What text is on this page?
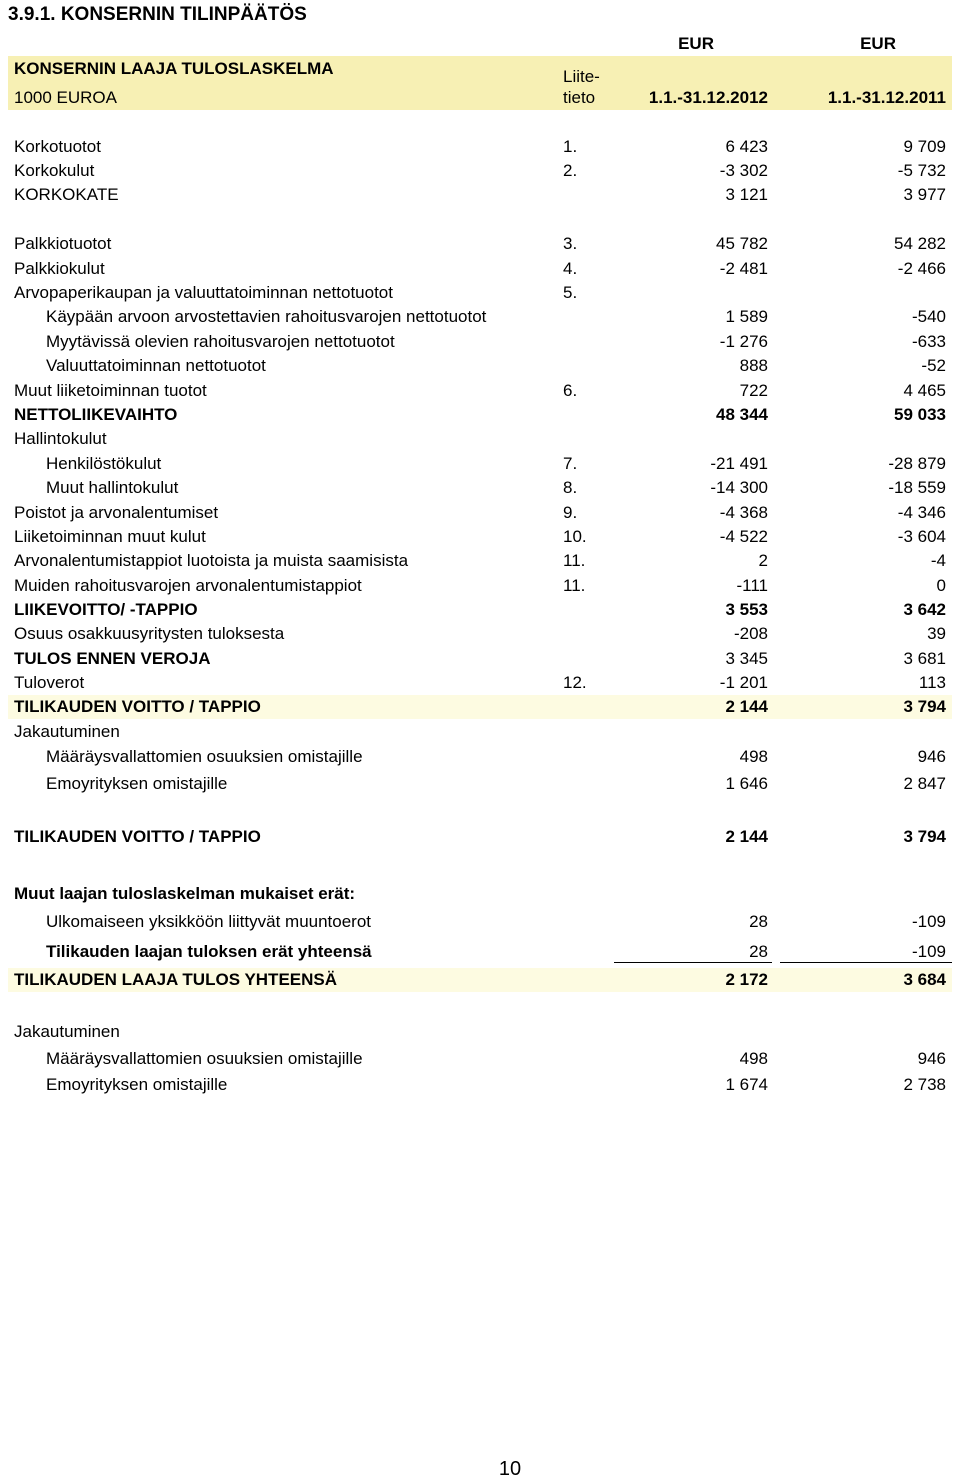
3.9.1. KONSERNIN TILINPÄÄTÖS
EUR	EUR
KONSERNIN LAAJA TULOSLASKELMA
1000 EUROA
Liite-
tieto	1.1.-31.12.2012	1.1.-31.12.2011
Korkotuotot	1.	6 423	9 709
Korkokulut	2.	-3 302	-5 732
KORKOKATE	3 121	3 977
Palkkiotuotot	3.	45 782	54 282
Palkkiokulut	4.	-2 481	-2 466
Arvopaperikaupan ja valuuttatoiminnan nettotuotot	5.
Käypään arvoon arvostettavien rahoitusvarojen nettotuotot	1 589	-540
Myytävissä olevien rahoitusvarojen nettotuotot	-1 276	-633
Valuuttatoiminnan nettotuotot	888	-52
Muut liiketoiminnan tuotot	6.	722	4 465
NETTOLIIKEVAIHTO	48 344	59 033
Hallintokulut
Henkilöstökulut	7.	-21 491	-28 879
Muut hallintokulut	8.	-14 300	-18 559
Poistot ja arvonalentumiset	9.	-4 368	-4 346
Liiketoiminnan muut kulut	10.	-4 522	-3 604
Arvonalentumistappiot luotoista ja muista saamisista	11.	2	-4
Muiden rahoitusvarojen arvonalentumistappiot	11.	-111	0
LIIKEVOITTO/ -TAPPIO	3 553	3 642
Osuus osakkuusyritysten tuloksesta	-208	39
TULOS ENNEN VEROJA	3 345	3 681
Tuloverot	12.	-1 201	113
TILIKAUDEN VOITTO / TAPPIO	2 144	3 794
Jakautuminen
Määräysvallattomien osuuksien omistajille	498	946
Emoyrityksen omistajille	1 646	2 847
TILIKAUDEN VOITTO / TAPPIO	2 144	3 794
Muut laajan tuloslaskelman mukaiset erät:
Ulkomaiseen yksikköön liittyvät muuntoerot	28	-109
Tilikauden laajan tuloksen erät yhteensä	28	-109
TILIKAUDEN LAAJA TULOS YHTEENSÄ	2 172	3 684
Jakautuminen
Määräysvallattomien osuuksien omistajille	498	946
Emoyrityksen omistajille	1 674	2 738
10
